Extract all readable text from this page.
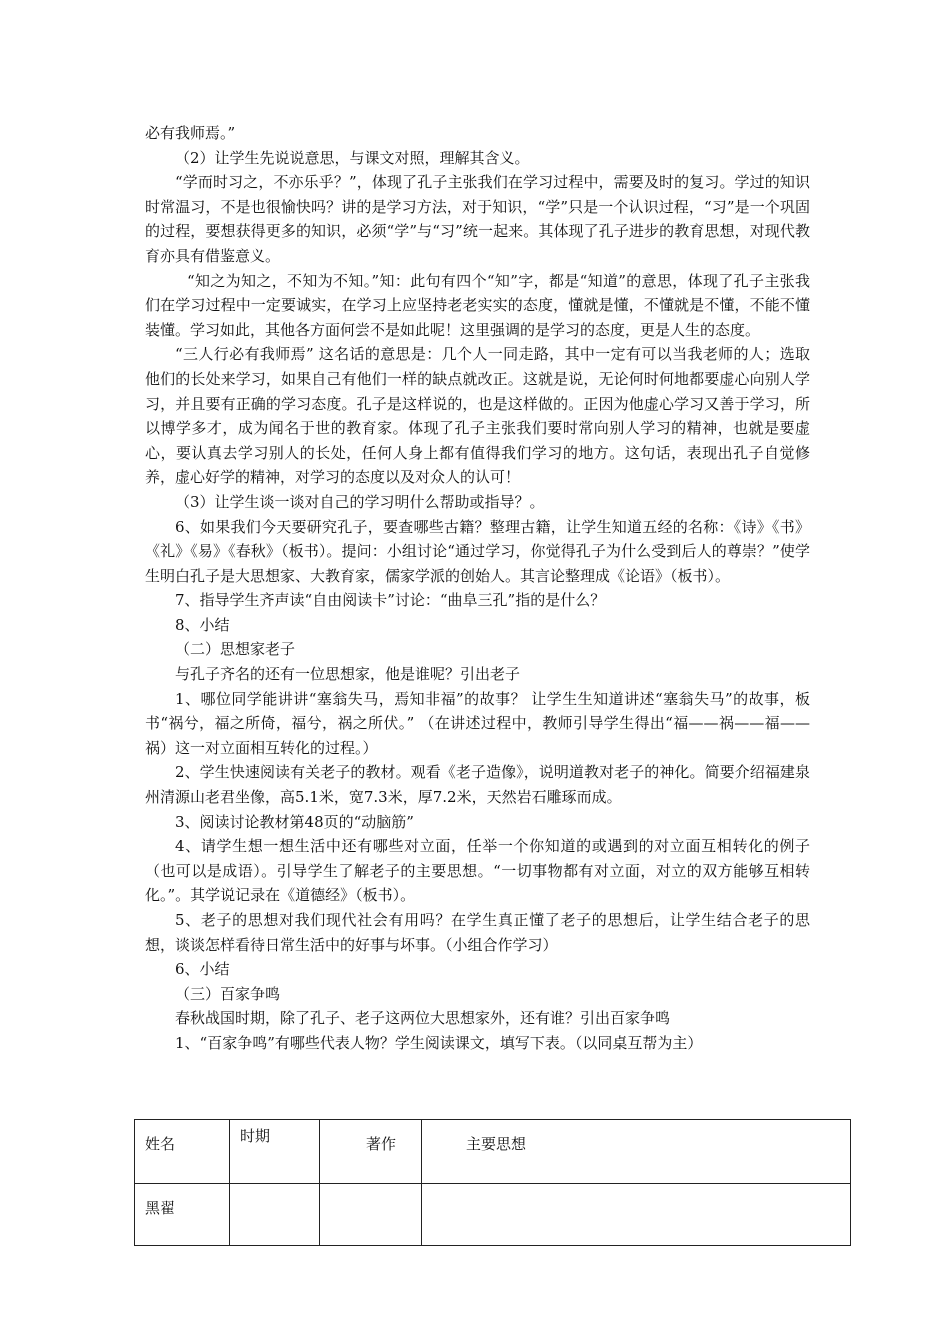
必有我师焉。”

（2）让学生先说说意思，与课文对照，理解其含义。

“学而时习之，不亦乐乎？”，体现了孔子主张我们在学习过程中，需要及时的复习。学过的知识时常温习，不是也很愉快吗？讲的是学习方法，对于知识，“学”只是一个认识过程，“习”是一个巩固的过程，要想获得更多的知识，必须“学”与“习”统一起来。其体现了孔子进步的教育思想，对现代教育亦具有借鉴意义。

“知之为知之，不知为不知。”知：此句有四个“知”字，都是“知道”的意思，体现了孔子主张我们在学习过程中一定要诚实，在学习上应坚持老老实实的态度，懂就是懂，不懂就是不懂，不能不懂装懂。学习如此，其他各方面何尝不是如此呢！这里强调的是学习的态度，更是人生的态度。

“三人行必有我师焉” 这名话的意思是：几个人一同走路，其中一定有可以当我老师的人；选取他们的长处来学习，如果自己有他们一样的缺点就改正。这就是说，无论何时何地都要虚心向别人学习，并且要有正确的学习态度。孔子是这样说的，也是这样做的。正因为他虚心学习又善于学习，所以博学多才，成为闻名于世的教育家。体现了孔子主张我们要时常向别人学习的精神，也就是要虚心，要认真去学习别人的长处，任何人身上都有值得我们学习的地方。这句话，表现出孔子自觉修养，虚心好学的精神，对学习的态度以及对众人的认可！

（3）让学生谈一谈对自己的学习明什么帮助或指导？。

6、如果我们今天要研究孔子，要查哪些古籍？整理古籍，让学生知道五经的名称：《诗》《书》《礼》《易》《春秋》（板书）。提问：小组讨论“通过学习，你觉得孔子为什么受到后人的尊崇？”使学生明白孔子是大思想家、大教育家，儒家学派的创始人。其言论整理成《论语》（板书）。

7、指导学生齐声读“自由阅读卡”讨论：“曲阜三孔”指的是什么？

8、小结

（二）思想家老子

与孔子齐名的还有一位思想家，他是谁呢？引出老子

1、哪位同学能讲讲“塞翁失马，焉知非福”的故事？ 让学生生知道讲述“塞翁失马”的故事，板书“祸兮，福之所倚，福兮，祸之所伏。” （在讲述过程中，教师引导学生得出“福——祸——福——祸）这一对立面相互转化的过程。）

2、学生快速阅读有关老子的教材。观看《老子造像》，说明道教对老子的神化。简要介绍福建泉州清源山老君坐像，高5.1米，宽7.3米，厚7.2米，天然岩石雕琢而成。

3、阅读讨论教材第48页的“动脑筋”

4、请学生想一想生活中还有哪些对立面，任举一个你知道的或遇到的对立面互相转化的例子（也可以是成语）。引导学生了解老子的主要思想。“一切事物都有对立面，对立的双方能够互相转化。”。其学说记录在《道德经》（板书）。

5、老子的思想对我们现代社会有用吗？在学生真正懂了老子的思想后，让学生结合老子的思想，谈谈怎样看待日常生活中的好事与坏事。（小组合作学习）

6、小结

（三）百家争鸣

春秋战国时期，除了孔子、老子这两位大思想家外，还有谁？引出百家争鸣

1、“百家争鸣”有哪些代表人物？学生阅读课文，填写下表。（以同桌互帮为主）

姓名	时期	著作	主要思想
黑翟			
